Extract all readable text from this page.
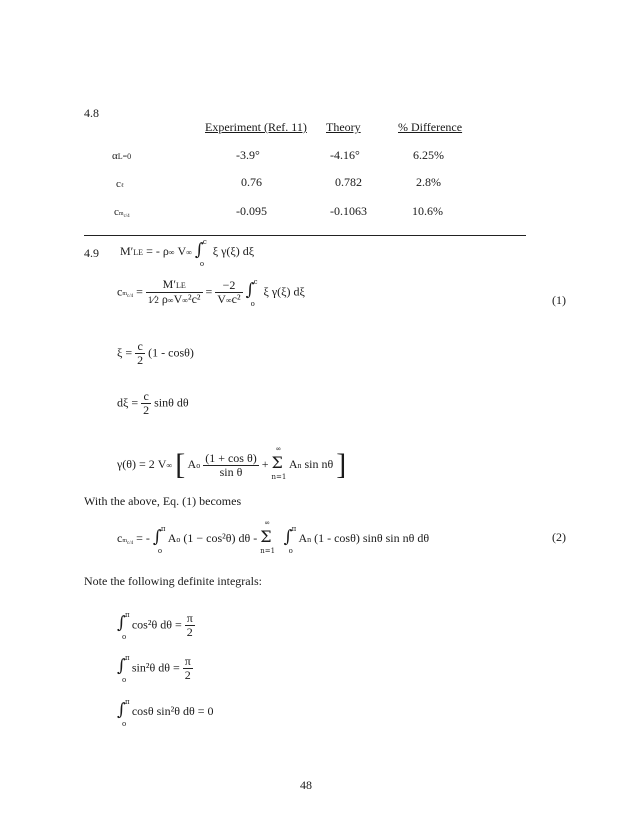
4.8
Experiment (Ref. 11) Theory	% Difference
αL=0	-3.9°	-4.16°	6.25%
cℓ	0.76	0.782	2.8%
$cm_{c/4}$	-0.095	-0.1063	10.6%
4.9 M′LE = - ρ∞ V∞ ∫ c
o
ξ γ(ξ) dξ
$cm_{c/4} = \frac{M'LE}{\text{1⁄2 ρ∞V∞²c²}} = \frac{-2}{\text{V∞c²}}$ ∫ c
o
ξ γ(ξ) dξ
(1)
$\xi = \frac{c}{2} (1 - \cos\theta)$
$d\xi = \frac{c}{2}$ sinθ dθ
γ(θ) = 2 V∞ [ Ao $\frac{\text{(1 + cos θ)}}{\text{sin θ}} + \Sigma$
∞
n=1
An sin nθ ]
With the above, Eq. (1) becomes
$cm_{c/4}$ = - ∫ π
o
Ao (1 − cos²θ) dθ - Σ
∞
n=1
∫ π
o
An (1 - cosθ) sinθ sin nθ dθ	(2)
Note the following definite integrals:
∫ π
o
cos²θ $d\theta = \frac{\pi}{2}$
∫ π
o
sin²θ $d\theta = \frac{\pi}{2}$
∫ π
o
cosθ sin²θ dθ = 0
48
